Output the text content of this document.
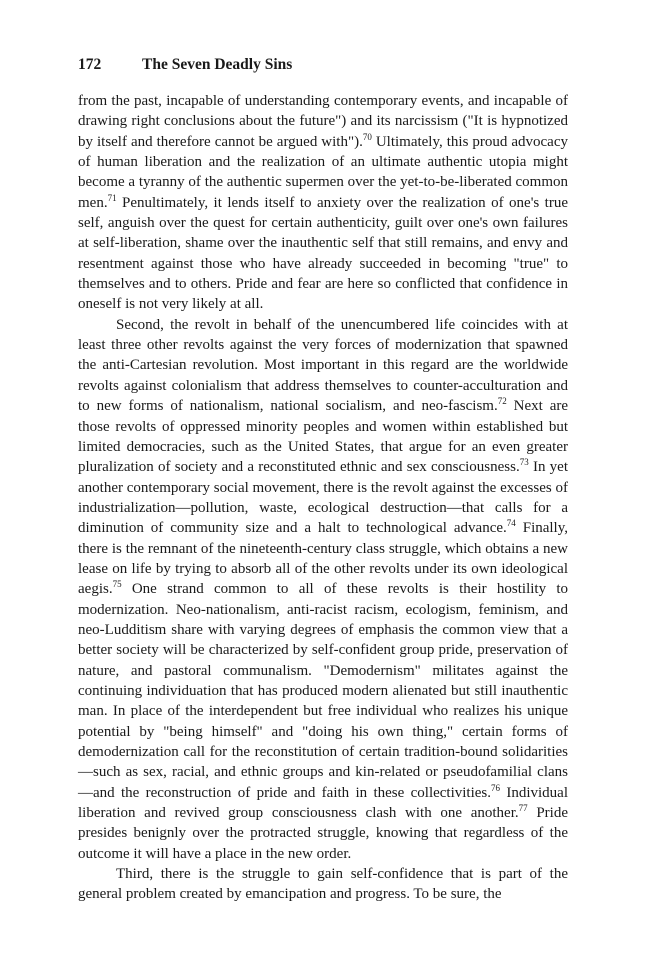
172	The Seven Deadly Sins

from the past, incapable of understanding contemporary events, and incapable of drawing right conclusions about the future") and its narcissism ("It is hypnotized by itself and therefore cannot be argued with").$^{70}$ Ultimately, this proud advocacy of human liberation and the realization of an ultimate authentic utopia might become a tyranny of the authentic supermen over the yet-to-be-liberated common men.$^{71}$ Penultimately, it lends itself to anxiety over the realization of one's true self, anguish over the quest for certain authenticity, guilt over one's own failures at self-liberation, shame over the inauthentic self that still remains, and envy and resentment against those who have already succeeded in becoming "true" to themselves and to others. Pride and fear are here so conflicted that confidence in oneself is not very likely at all.

Second, the revolt in behalf of the unencumbered life coincides with at least three other revolts against the very forces of modernization that spawned the anti-Cartesian revolution. Most important in this regard are the worldwide revolts against colonialism that address themselves to counter-acculturation and to new forms of nationalism, national socialism, and neo-fascism.$^{72}$ Next are those revolts of oppressed minority peoples and women within established but limited democracies, such as the United States, that argue for an even greater pluralization of society and a reconstituted ethnic and sex consciousness.$^{73}$ In yet another contemporary social movement, there is the revolt against the excesses of industrialization—pollution, waste, ecological destruction—that calls for a diminution of community size and a halt to technological advance.$^{74}$ Finally, there is the remnant of the nineteenth-century class struggle, which obtains a new lease on life by trying to absorb all of the other revolts under its own ideological aegis.$^{75}$ One strand common to all of these revolts is their hostility to modernization. Neo-nationalism, anti-racist racism, ecologism, feminism, and neo-Ludditism share with varying degrees of emphasis the common view that a better society will be characterized by self-confident group pride, preservation of nature, and pastoral communalism. "Demodernism" militates against the continuing individuation that has produced modern alienated but still inauthentic man. In place of the interdependent but free individual who realizes his unique potential by "being himself" and "doing his own thing," certain forms of demodernization call for the reconstitution of certain tradition-bound solidarities—such as sex, racial, and ethnic groups and kin-related or pseudofamilial clans—and the reconstruction of pride and faith in these collectivities.$^{76}$ Individual liberation and revived group consciousness clash with one another.$^{77}$ Pride presides benignly over the protracted struggle, knowing that regardless of the outcome it will have a place in the new order.

Third, there is the struggle to gain self-confidence that is part of the general problem created by emancipation and progress. To be sure, the
